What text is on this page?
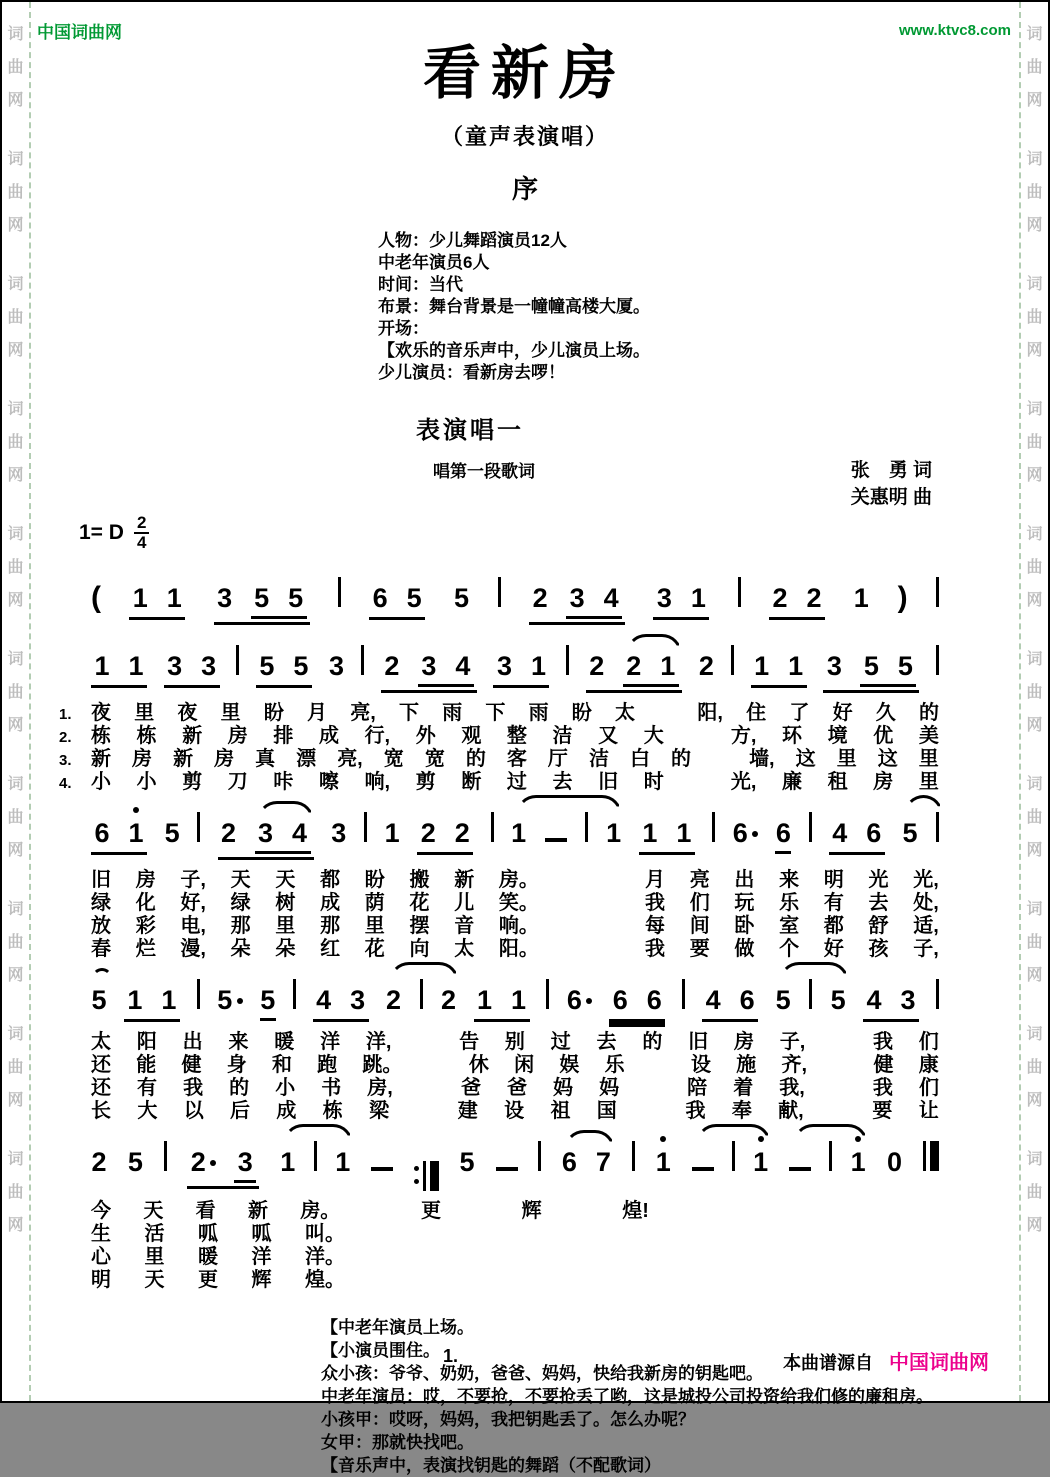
词
曲
网
词
曲
网
词
曲
网
词
曲
网
词
曲
网
词
曲
网
词
曲
网
词
曲
网
词
曲
网
词
曲
网
词
曲
网
词
曲
网
词
曲
网
词
曲
网
词
曲
网
词
曲
网
词
曲
网
词
曲
网
词
曲
网
词
曲
网
中国词曲网	www.ktvc8.com
看新房
（童声表演唱）
序
人物：少儿舞蹈演员12人
中老年演员6人
时间：当代
布景：舞台背景是一幢幢高楼大厦。
开场：
【欢乐的音乐声中，少儿演员上场。
少儿演员：看新房去啰！
表演唱一
唱第一段歌词	张　勇 词
关惠明 曲
1= D $\frac{2}{4}$
( 1 1 3 5 5	6 5 5 2 3 4 3 1 2 2 1 )
1 1 3 3 5 5 3 2 3 4 3 1 2 2 1 2 1 1 3 5 5
1. 夜 里 夜 里 盼 月 亮, 下 雨 下 雨 盼 太	阳, 住 了 好 久 的
2. 栋 栋 新 房 排 成 行, 外 观 整 洁 又 大	方, 环 境 优 美
3. 新 房 新 房 真 漂 亮, 宽 宽 的 客 厅 洁 白 的	墙, 这 里 这 里
4. 小 小 剪 刀 咔 嚓 响, 剪 断 过 去 旧 时	光, 廉 租 房 里
6 1 5 2 3 4 3 1 2 2 1	1 1 1 6 6 4 6 5
旧 房 子, 天 天 都 盼 搬 新 房。	月 亮 出 来 明 光 光,
绿 化 好, 绿 树 成 荫 花 儿 笑。	我 们 玩 乐 有 去 处,
放 彩 电, 那 里 那 里 摆 音 响。	每 间 卧 室 都 舒 适,
春 烂 漫, 朵 朵 红 花 向 太 阳。	我 要 做 个 好 孩 子,
5 1 1 5 5 4 3 2 2 1 1 6 6 6 4 6 5 5 4 3
太 阳 出 来 暖 洋 洋,	告 别 过 去 的 旧 房 子,	我 们
还 能 健 身 和 跑 跳。	休 闲 娱 乐	设 施 齐,	健 康
还 有 我 的 小 书 房,	爸 爸 妈 妈	陪 着 我,	我 们
长 大 以 后 成 栋 梁	建 设 祖 国	我 奉 献,	要 让
2 5 2 3 1 1	5	6 7 1	1	1 0
今 天 看 新 房。	更	辉	煌!
生 活 呱 呱 叫。
心 里 暖 洋 洋。
明 天 更 辉 煌。
【中老年演员上场。
【小演员围住。
众小孩：爷爷、奶奶，爸爸、妈妈，快给我新房的钥匙吧。
中老年演员：哎，不要抢，不要抢丢了哟，这是城投公司投资给我们修的廉租房。
小孩甲：哎呀，妈妈，我把钥匙丢了。怎么办呢？
女甲：那就快找吧。
【音乐声中，表演找钥匙的舞蹈（不配歌词）
1.	本曲谱源自 中国词曲网
